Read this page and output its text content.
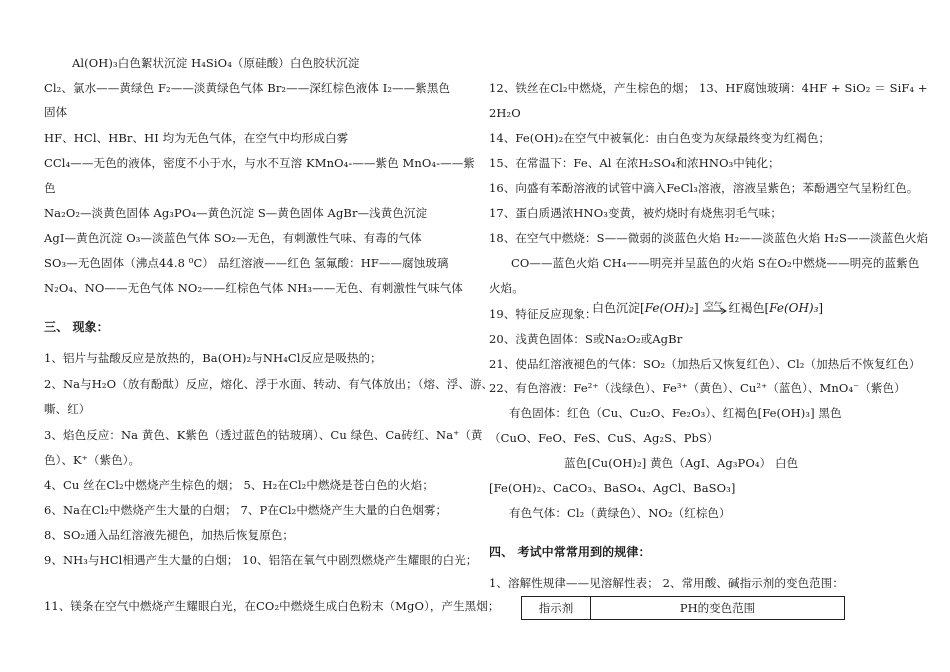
Al(OH)₃白色絮状沉淀 H₄SiO₄（原硅酸）白色胶状沉淀
Cl₂、氯水——黄绿色 F₂——淡黄绿色气体 Br₂——深红棕色液体 I₂——紫黑色
固体
HF、HCl、HBr、HI 均为无色气体，在空气中均形成白雾
CCl₄——无色的液体，密度不小于水，与水不互溶 KMnO₄-——紫色 MnO₄-——紫
色
Na₂O₂—淡黄色固体 Ag₃PO₄—黄色沉淀 S—黄色固体 AgBr—浅黄色沉淀
AgI—黄色沉淀 O₃—淡蓝色气体 SO₂—无色，有刺激性气味、有毒的气体
SO₃—无色固体（沸点44.8 ⁰C） 品红溶液——红色 氢氟酸：HF——腐蚀玻璃
N₂O₄、NO——无色气体 NO₂——红棕色气体 NH₃——无色、有刺激性气味气体
三、 现象：
1、铝片与盐酸反应是放热的，Ba(OH)₂与NH₄Cl反应是吸热的；
2、Na与H₂O（放有酚酞）反应，熔化、浮于水面、转动、有气体放出；（熔、浮、游、
嘶、红）
3、焰色反应：Na 黄色、K紫色（透过蓝色的钴玻璃）、Cu 绿色、Ca砖红、Na⁺（黄
色）、K⁺（紫色）。
4、Cu 丝在Cl₂中燃烧产生棕色的烟； 5、H₂在Cl₂中燃烧是苍白色的火焰；
6、Na在Cl₂中燃烧产生大量的白烟； 7、P在Cl₂中燃烧产生大量的白色烟雾；
8、SO₂通入品红溶液先褪色，加热后恢复原色；
9、NH₃与HCl相遇产生大量的白烟； 10、铝箔在氧气中剧烈燃烧产生耀眼的白光；
11、镁条在空气中燃烧产生耀眼白光，在CO₂中燃烧生成白色粉末（MgO），产生黑烟；
12、铁丝在Cl₂中燃烧，产生棕色的烟； 13、HF腐蚀玻璃：4HF + SiO₂ ＝ SiF₄ +
2H₂O
14、Fe(OH)₂在空气中被氧化：由白色变为灰绿最终变为红褐色；
15、在常温下：Fe、Al 在浓H₂SO₄和浓HNO₃中钝化；
16、向盛有苯酚溶液的试管中滴入FeCl₃溶液，溶液呈紫色；苯酚遇空气呈粉红色。
17、蛋白质遇浓HNO₃变黄，被灼烧时有烧焦羽毛气味；
18、在空气中燃烧：S——微弱的淡蓝色火焰 H₂——淡蓝色火焰 H₂S——淡蓝色火焰
CO——蓝色火焰 CH₄——明亮并呈蓝色的火焰 S在O₂中燃烧——明亮的蓝紫色
火焰。
19、特征反应现象：
白色沉淀[Fe(OH)₂] 空气 红褐色[Fe(OH)₃]
20、浅黄色固体：S或Na₂O₂或AgBr
21、使品红溶液褪色的气体：SO₂（加热后又恢复红色）、Cl₂（加热后不恢复红色）
22、有色溶液：Fe²⁺（浅绿色）、Fe³⁺（黄色）、Cu²⁺（蓝色）、MnO₄⁻（紫色）
有色固体：红色（Cu、Cu₂O、Fe₂O₃）、红褐色[Fe(OH)₃] 黑色
（CuO、FeO、FeS、CuS、Ag₂S、PbS）
蓝色[Cu(OH)₂] 黄色（AgI、Ag₃PO₄） 白色
[Fe(OH)₂、CaCO₃、BaSO₄、AgCl、BaSO₃]
有色气体：Cl₂（黄绿色）、NO₂（红棕色）
四、 考试中常常用到的规律：
1、溶解性规律——见溶解性表； 2、常用酸、碱指示剂的变色范围：
指示剂	PH的变色范围
